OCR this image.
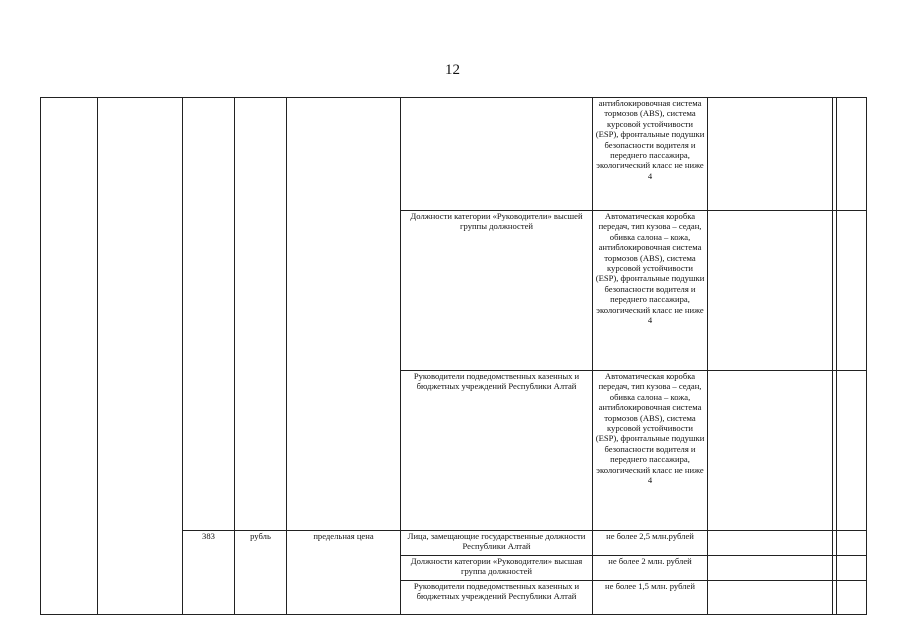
12

						антиблокировочная система тормозов (ABS), система курсовой устойчивости (ESP), фронтальные подушки безопасности водителя и переднего пассажира, экологический класс не ниже 4			

					Должности категории «Руководители» высшей группы должностей	Автоматическая коробка передач, тип кузова – седан, обивка салона – кожа, антиблокировочная система тормозов (ABS), система курсовой устойчивости (ESP), фронтальные подушки безопасности водителя и переднего пассажира, экологический класс не ниже 4			

					Руководители подведомственных казенных и бюджетных учреждений Республики Алтай	Автоматическая коробка передач, тип кузова – седан, обивка салона – кожа, антиблокировочная система тормозов (ABS), система курсовой устойчивости (ESP), фронтальные подушки безопасности водителя и переднего пассажира, экологический класс не ниже 4			

		383	рубль	предельная цена	Лица, замещающие государственные должности Республики Алтай	не более 2,5 млн.рублей			

					Должности категории «Руководители» высшая группа должностей	не более 2 млн. рублей			

					Руководители подведомственных казенных и бюджетных учреждений Республики Алтай	не более 1,5 млн. рублей			
